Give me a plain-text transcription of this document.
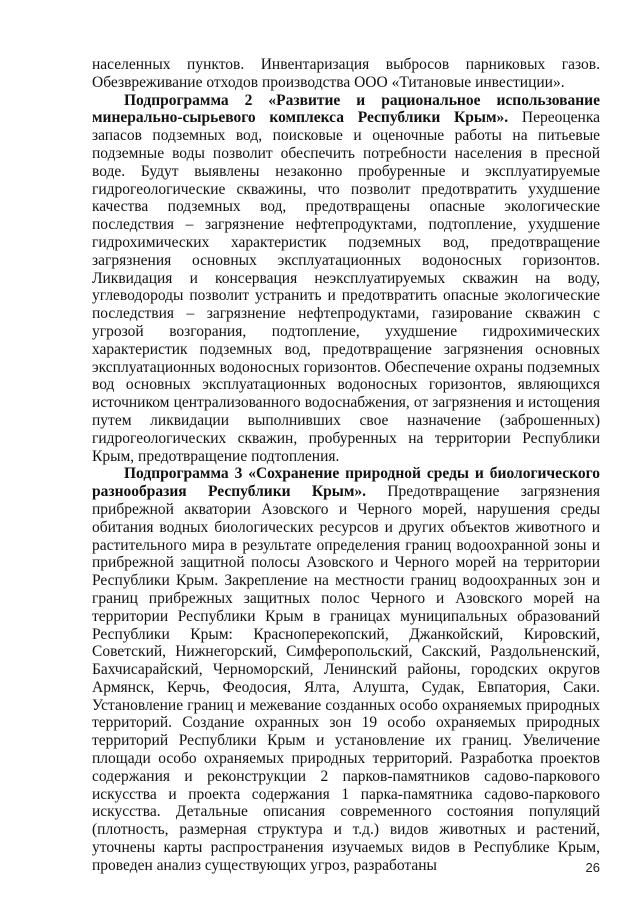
населенных пунктов. Инвентаризация выбросов парниковых газов. Обезвреживание отходов производства ООО «Титановые инвестиции».

Подпрограмма 2 «Развитие и рациональное использование минерально-сырьевого комплекса Республики Крым». Переоценка запасов подземных вод, поисковые и оценочные работы на питьевые подземные воды позволит обеспечить потребности населения в пресной воде. Будут выявлены незаконно пробуренные и эксплуатируемые гидрогеологические скважины, что позволит предотвратить ухудшение качества подземных вод, предотвращены опасные экологические последствия – загрязнение нефтепродуктами, подтопление, ухудшение гидрохимических характеристик подземных вод, предотвращение загрязнения основных эксплуатационных водоносных горизонтов. Ликвидация и консервация неэксплуатируемых скважин на воду, углеводороды позволит устранить и предотвратить опасные экологические последствия – загрязнение нефтепродуктами, газирование скважин с угрозой возгорания, подтопление, ухудшение гидрохимических характеристик подземных вод, предотвращение загрязнения основных эксплуатационных водоносных горизонтов. Обеспечение охраны подземных вод основных эксплуатационных водоносных горизонтов, являющихся источником централизованного водоснабжения, от загрязнения и истощения путем ликвидации выполнивших свое назначение (заброшенных) гидрогеологических скважин, пробуренных на территории Республики Крым, предотвращение подтопления.

Подпрограмма 3 «Сохранение природной среды и биологического разнообразия Республики Крым». Предотвращение загрязнения прибрежной акватории Азовского и Черного морей, нарушения среды обитания водных биологических ресурсов и других объектов животного и растительного мира в результате определения границ водоохранной зоны и прибрежной защитной полосы Азовского и Черного морей на территории Республики Крым. Закрепление на местности границ водоохранных зон и границ прибрежных защитных полос Черного и Азовского морей на территории Республики Крым в границах муниципальных образований Республики Крым: Красноперекопский, Джанкойский, Кировский, Советский, Нижнегорский, Симферопольский, Сакский, Раздольненский, Бахчисарайский, Черноморский, Ленинский районы, городских округов Армянск, Керчь, Феодосия, Ялта, Алушта, Судак, Евпатория, Саки. Установление границ и межевание созданных особо охраняемых природных территорий. Создание охранных зон 19 особо охраняемых природных территорий Республики Крым и установление их границ. Увеличение площади особо охраняемых природных территорий. Разработка проектов содержания и реконструкции 2 парков-памятников садово-паркового искусства и проекта содержания 1 парка-памятника садово-паркового искусства. Детальные описания современного состояния популяций (плотность, размерная структура и т.д.) видов животных и растений, уточнены карты распространения изучаемых видов в Республике Крым, проведен анализ существующих угроз, разработаны	26
